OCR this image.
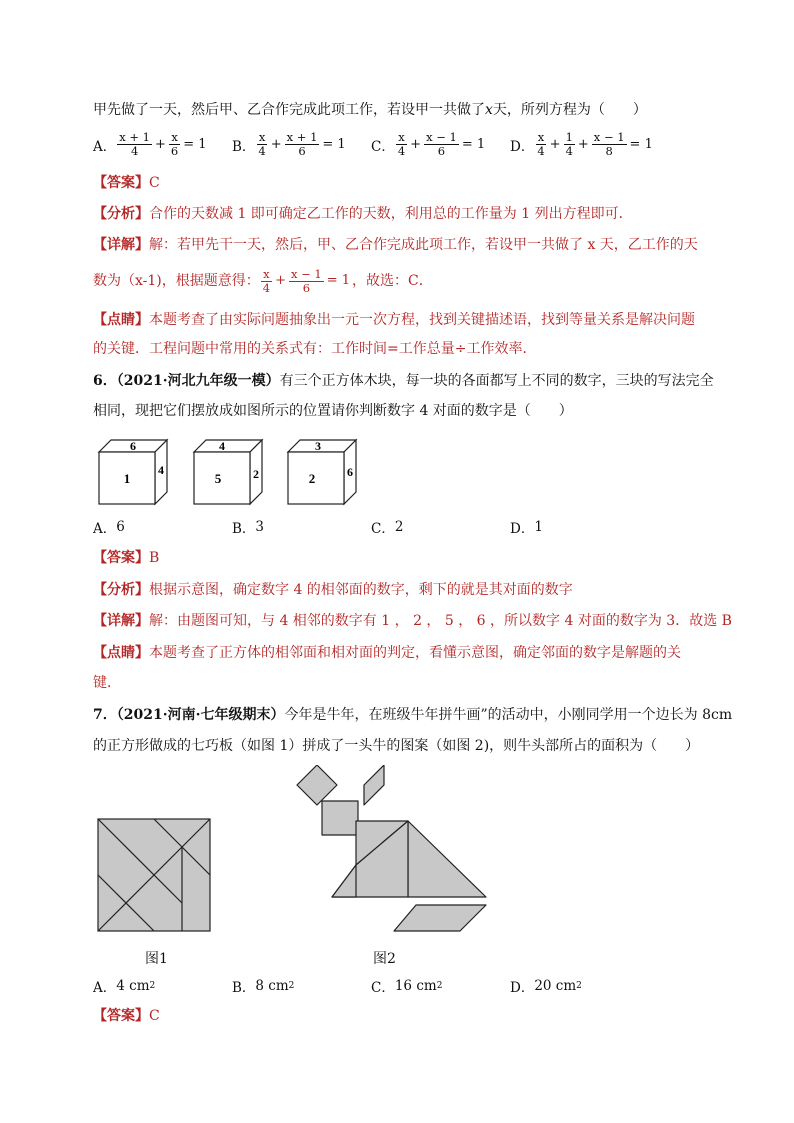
甲先做了一天，然后甲、乙合作完成此项工作，若设甲一共做了x天，所列方程为（　　）
A． $\frac{x + 1}{4} + \frac{x}{6} = 1$ B． $\frac{x}{4} + \frac{x + 1}{6} = 1$ C． $\frac{x}{4} + \frac{x - 1}{6} = 1$ D． $\frac{x}{4} + \frac{1}{4} + \frac{x - 1}{8} = 1$
【答案】C
【分析】合作的天数减 1 即可确定乙工作的天数，利用总的工作量为 1 列出方程即可．
【详解】解：若甲先干一天，然后，甲、乙合作完成此项工作，若设甲一共做了 x 天，乙工作的天
数为（x-1)，根据题意得： $\frac{x}{4} + \frac{x - 1}{6} = 1$ ，故选：C．
【点睛】本题考查了由实际问题抽象出一元一次方程，找到关键描述语，找到等量关系是解决问题
的关键．工程问题中常用的关系式有：工作时间=工作总量÷工作效率．
6．（2021·河北九年级一模）有三个正方体木块，每一块的各面都写上不同的数字，三块的写法完全
相同，现把它们摆放成如图所示的位置请你判断数字 4 对面的数字是（　　）
6
1
4
4
5	2
3
2	6
A． 6	B． 3	C． 2	D． 1
【答案】B
【分析】根据示意图，确定数字 4 的相邻面的数字，剩下的就是其对面的数字
【详解】解：由题图可知，与 4 相邻的数字有 1 ， 2 ， 5 ， 6 ，所以数字 4 对面的数字为 3．故选 B
【点睛】本题考查了正方体的相邻面和相对面的判定，看懂示意图，确定邻面的数字是解题的关
键．
7．（2021·河南·七年级期末）今年是牛年，在班级牛年拼牛画”的活动中，小刚同学用一个边长为 8cm
的正方形做成的七巧板（如图 1）拼成了一头牛的图案（如图 2)，则牛头部所占的面积为（　　）
图1	图2
A． 4 cm 2	B． 8 cm 2	C． 16 cm 2	D． 20 cm 2
【答案】C
